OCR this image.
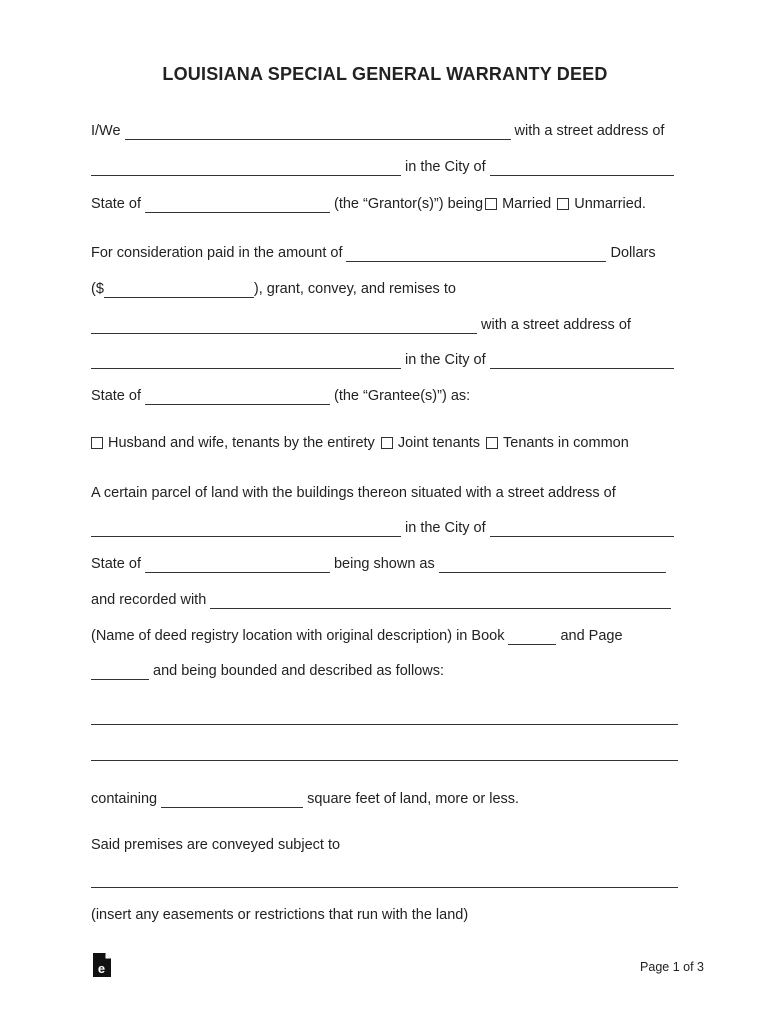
LOUISIANA SPECIAL GENERAL WARRANTY DEED
I/We	with a street address of
in the City of
State of	(the “Grantor(s)”) being Married Unmarried.
For consideration paid in the amount of	Dollars
($	), grant, convey, and remises to
with a street address of
in the City of
State of	(the “Grantee(s)”) as:
Husband and wife, tenants by the entirety Joint tenants Tenants in common
A certain parcel of land with the buildings thereon situated with a street address of
in the City of
State of	being shown as
and recorded with
(Name of deed registry location with original description) in Book	and Page
and being bounded and described as follows:
containing	square feet of land, more or less.
Said premises are conveyed subject to
(insert any easements or restrictions that run with the land)
e	Page 1 of 3
